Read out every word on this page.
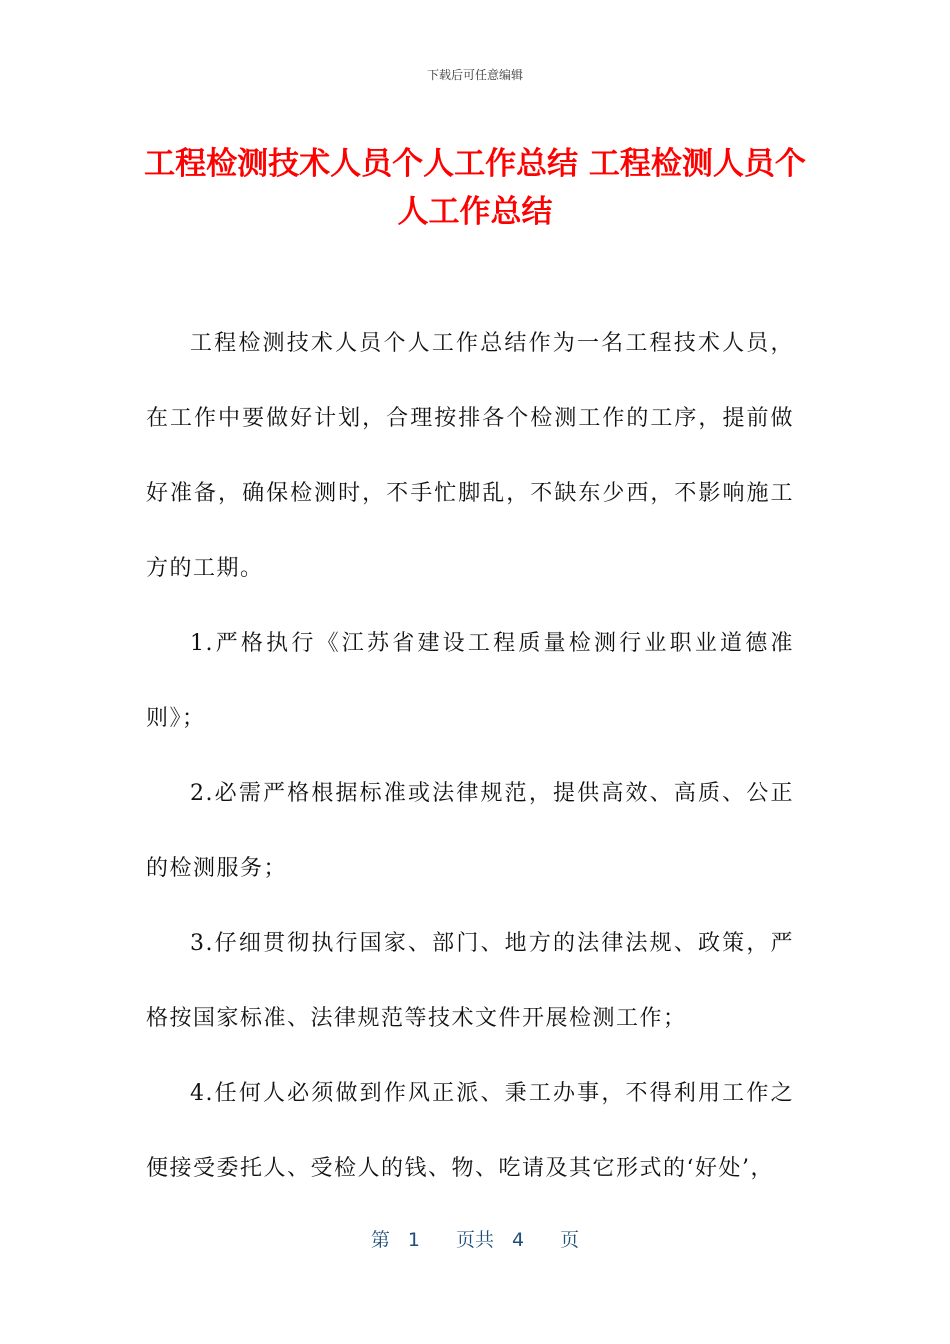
下载后可任意编辑
工程检测技术人员个人工作总结 工程检测人员个人工作总结

工程检测技术人员个人工作总结作为一名工程技术人员，在工作中要做好计划，合理按排各个检测工作的工序，提前做好准备，确保检测时，不手忙脚乱，不缺东少西，不影响施工方的工期。

1.严格执行《江苏省建设工程质量检测行业职业道德准则》；

2.必需严格根据标准或法律规范，提供高效、高质、公正的检测服务；

3.仔细贯彻执行国家、部门、地方的法律法规、政策，严格按国家标准、法律规范等技术文件开展检测工作；

4.任何人必须做到作风正派、秉工办事，不得利用工作之便接受委托人、受检人的钱、物、吃请及其它形式的‘好处’，

第 1 页共 4 页
